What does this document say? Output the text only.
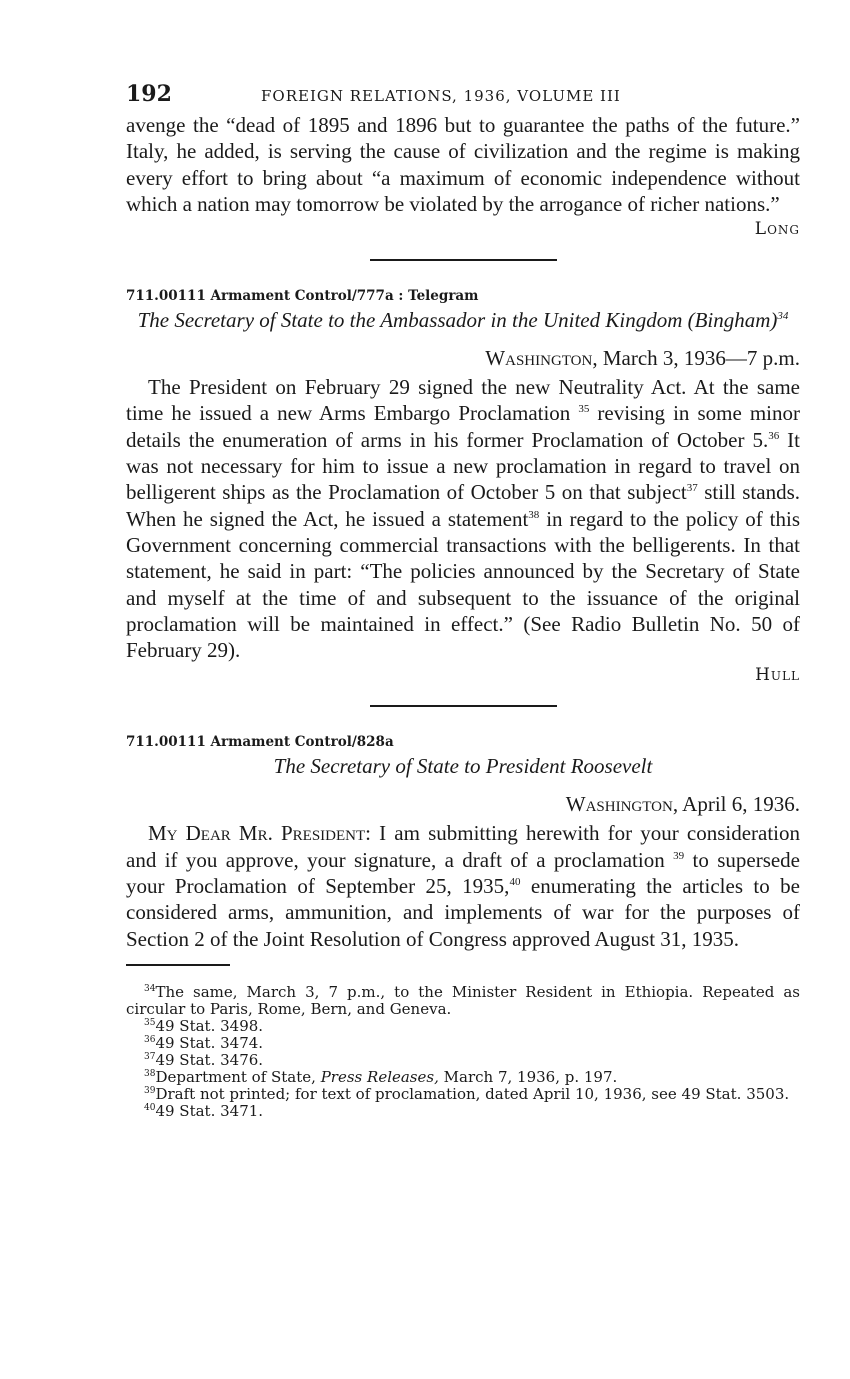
192	FOREIGN RELATIONS, 1936, VOLUME III

avenge the “dead of 1895 and 1896 but to guarantee the paths of the future.” Italy, he added, is serving the cause of civilization and the regime is making every effort to bring about “a maximum of economic independence without which a nation may tomorrow be violated by the arrogance of richer nations.”

Long
711.00111 Armament Control/777a : Telegram

The Secretary of State to the Ambassador in the United Kingdom (Bingham)$^{34}$

Washington, March 3, 1936—7 p.m.

The President on February 29 signed the new Neutrality Act. At the same time he issued a new Arms Embargo Proclamation $^{35}$ revising in some minor details the enumeration of arms in his former Proclamation of October 5.36 It was not necessary for him to issue a new proclamation in regard to travel on belligerent ships as the Proclamation of October 5 on that subject$^{37}$ still stands. When he signed the Act, he issued a statement$^{38}$ in regard to the policy of this Government concerning commercial transactions with the belligerents. In that statement, he said in part: “The policies announced by the Secretary of State and myself at the time of and subsequent to the issuance of the original proclamation will be maintained in effect.” (See Radio Bulletin No. 50 of February 29).

Hull
711.00111 Armament Control/828a

The Secretary of State to President Roosevelt

Washington, April 6, 1936.

My Dear Mr. President: I am submitting herewith for your consideration and if you approve, your signature, a draft of a proclamation $^{39}$ to supersede your Proclamation of September 25, 1935,40 enumerating the articles to be considered arms, ammunition, and implements of war for the purposes of Section 2 of the Joint Resolution of Congress approved August 31, 1935.

$^{34}$The same, March 3, 7 p.m., to the Minister Resident in Ethiopia. Repeated as circular to Paris, Rome, Bern, and Geneva.

$^{35}$49 Stat. 3498.

$^{36}$49 Stat. 3474.

$^{37}$49 Stat. 3476.

$^{38}$Department of State, Press Releases, March 7, 1936, p. 197.

$^{39}$Draft not printed; for text of proclamation, dated April 10, 1936, see 49 Stat. 3503.

$^{40}$49 Stat. 3471.
